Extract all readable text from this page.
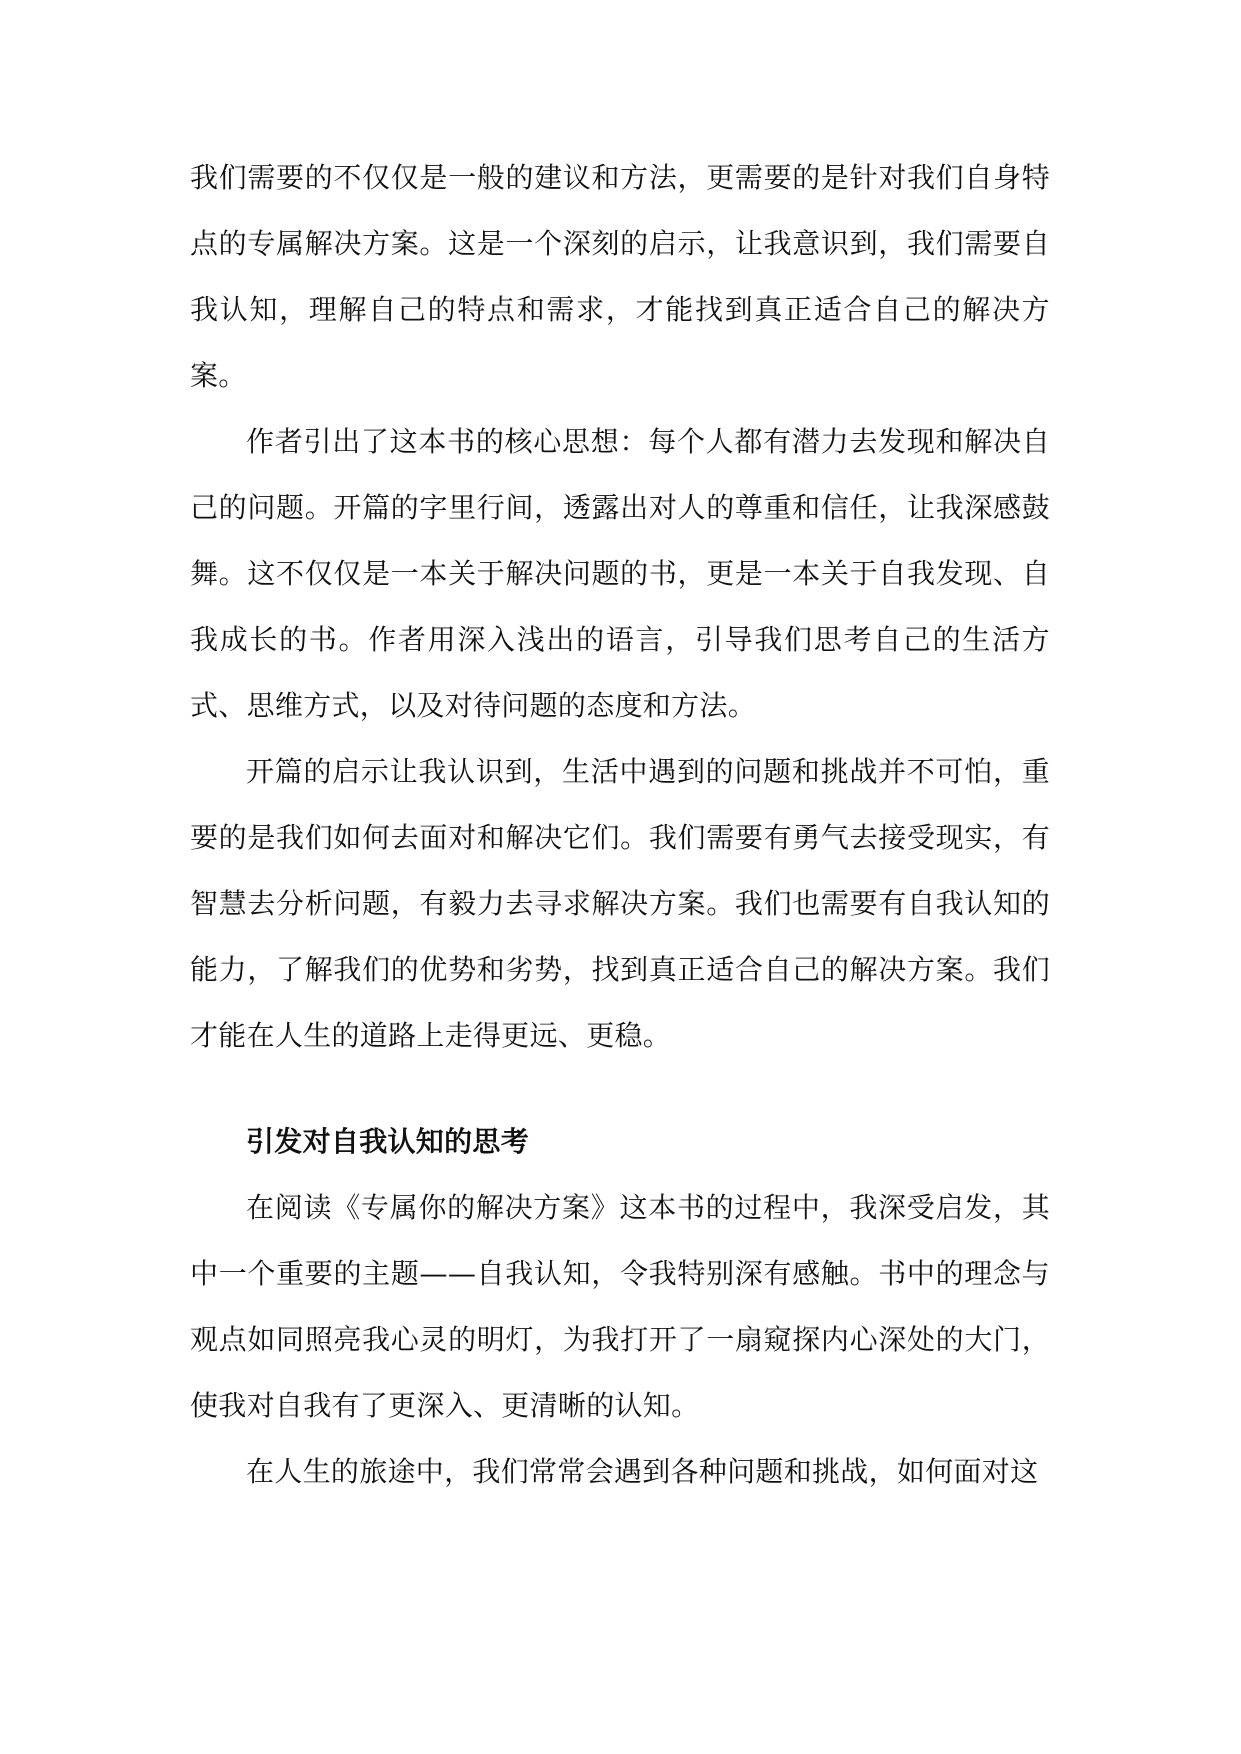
我们需要的不仅仅是一般的建议和方法，更需要的是针对我们自身特点的专属解决方案。这是一个深刻的启示，让我意识到，我们需要自我认知，理解自己的特点和需求，才能找到真正适合自己的解决方案。

作者引出了这本书的核心思想：每个人都有潜力去发现和解决自己的问题。开篇的字里行间，透露出对人的尊重和信任，让我深感鼓舞。这不仅仅是一本关于解决问题的书，更是一本关于自我发现、自我成长的书。作者用深入浅出的语言，引导我们思考自己的生活方式、思维方式，以及对待问题的态度和方法。

开篇的启示让我认识到，生活中遇到的问题和挑战并不可怕，重要的是我们如何去面对和解决它们。我们需要有勇气去接受现实，有智慧去分析问题，有毅力去寻求解决方案。我们也需要有自我认知的能力，了解我们的优势和劣势，找到真正适合自己的解决方案。我们才能在人生的道路上走得更远、更稳。

引发对自我认知的思考

在阅读《专属你的解决方案》这本书的过程中，我深受启发，其中一个重要的主题——自我认知，令我特别深有感触。书中的理念与观点如同照亮我心灵的明灯，为我打开了一扇窥探内心深处的大门，使我对自我有了更深入、更清晰的认知。

在人生的旅途中，我们常常会遇到各种问题和挑战，如何面对这
